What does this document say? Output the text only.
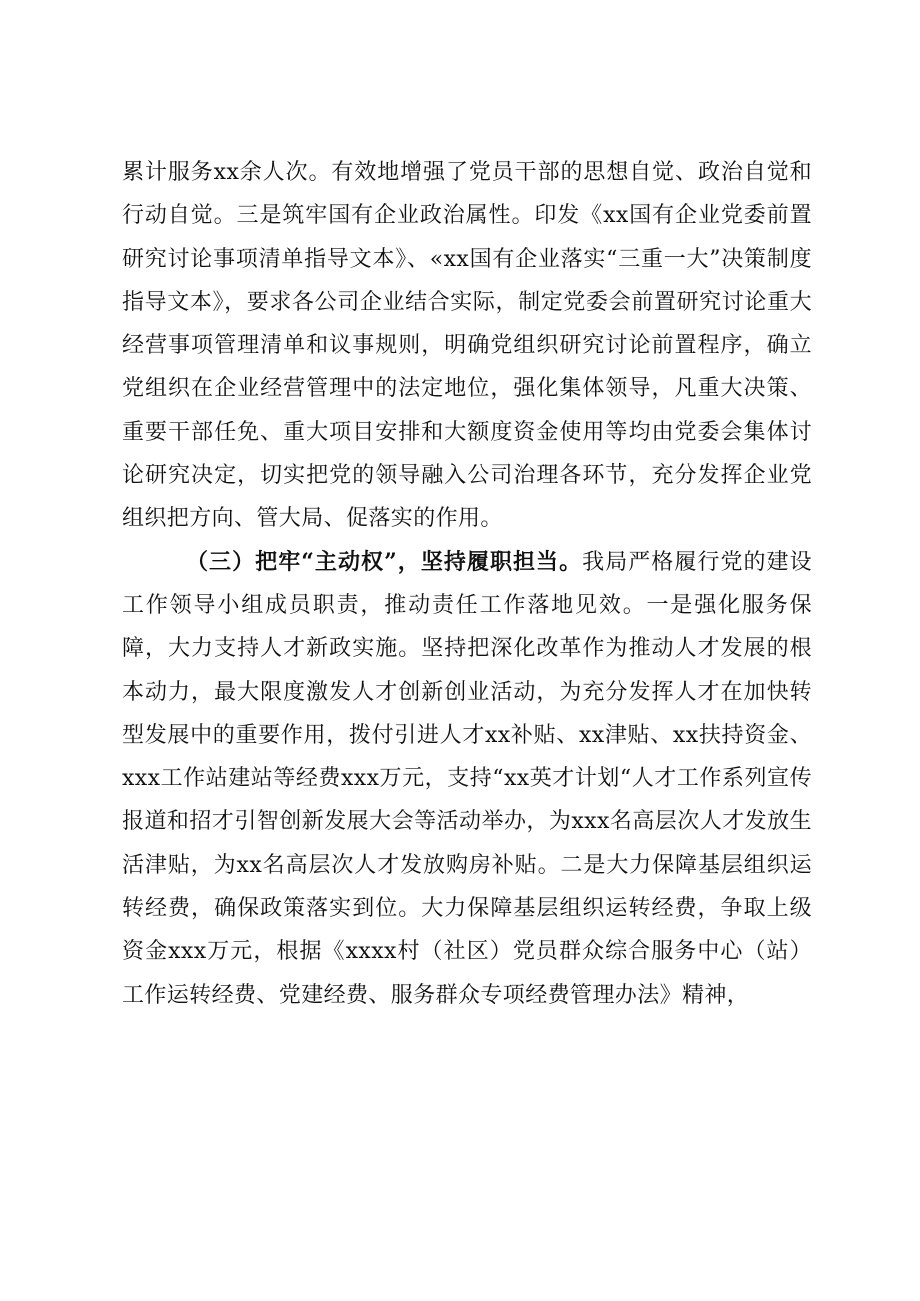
累计服务xx余人次。有效地增强了党员干部的思想自觉、政治自觉和行动自觉。三是筑牢国有企业政治属性。印发《xx国有企业党委前置研究讨论事项清单指导文本》、«xx国有企业落实“三重一大”决策制度指导文本》，要求各公司企业结合实际，制定党委会前置研究讨论重大经营事项管理清单和议事规则，明确党组织研究讨论前置程序，确立党组织在企业经营管理中的法定地位，强化集体领导，凡重大决策、重要干部任免、重大项目安排和大额度资金使用等均由党委会集体讨论研究决定，切实把党的领导融入公司治理各环节，充分发挥企业党组织把方向、管大局、促落实的作用。

（三）把牢“主动权”，坚持履职担当。我局严格履行党的建设工作领导小组成员职责，推动责任工作落地见效。一是强化服务保障，大力支持人才新政实施。坚持把深化改革作为推动人才发展的根本动力，最大限度激发人才创新创业活动，为充分发挥人才在加快转型发展中的重要作用，拨付引进人才xx补贴、xx津贴、xx扶持资金、xxx工作站建站等经费xxx万元，支持“xx英才计划“人才工作系列宣传报道和招才引智创新发展大会等活动举办，为xxx名高层次人才发放生活津贴，为xx名高层次人才发放购房补贴。二是大力保障基层组织运转经费，确保政策落实到位。大力保障基层组织运转经费，争取上级资金xxx万元，根据《xxxx村（社区）党员群众综合服务中心（站）工作运转经费、党建经费、服务群众专项经费管理办法》精神，
